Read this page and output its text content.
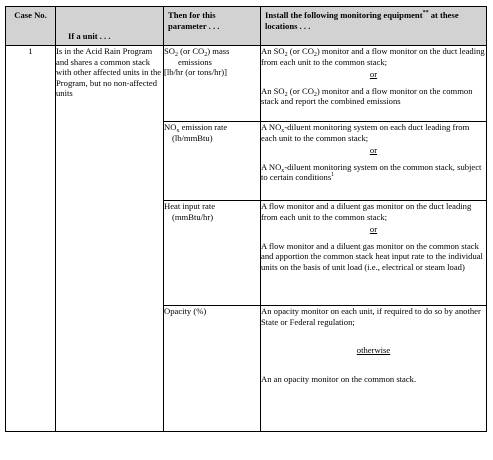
Case No.	If a unit . . .	Then for this parameter . . .	Install the following monitoring equipment** at these locations . . .
1	Is in the Acid Rain Program and shares a common stack with other affected units in the Program, but no non-affected units	$SO_2$ (or $CO_2$) mass
emissions
[lb/hr (or tons/hr)]	An $SO_2$ (or $CO_2$) monitor and a flow monitor on the duct leading from each unit to the common stack;
or
An $SO_2$ (or $CO_2$) monitor and a flow monitor on the common stack and report the combined emissions

		$NO_x$ emission rate
(lb/mmBtu)	A $NO_x$-diluent monitoring system on each duct leading from each unit to the common stack;
or
A $NO_x$-diluent monitoring system on the common stack, subject to certain conditions$^1$

		Heat input rate
(mmBtu/hr)	A flow monitor and a diluent gas monitor on the duct leading from each unit to the common stack;
or
A flow monitor and a diluent gas monitor on the common stack and apportion the common stack heat input rate to the individual units on the basis of unit load (i.e., electrical or steam load)

		Opacity (%)	An opacity monitor on each unit, if required to do so by another State or Federal regulation;
otherwise
An an opacity monitor on the common stack.
